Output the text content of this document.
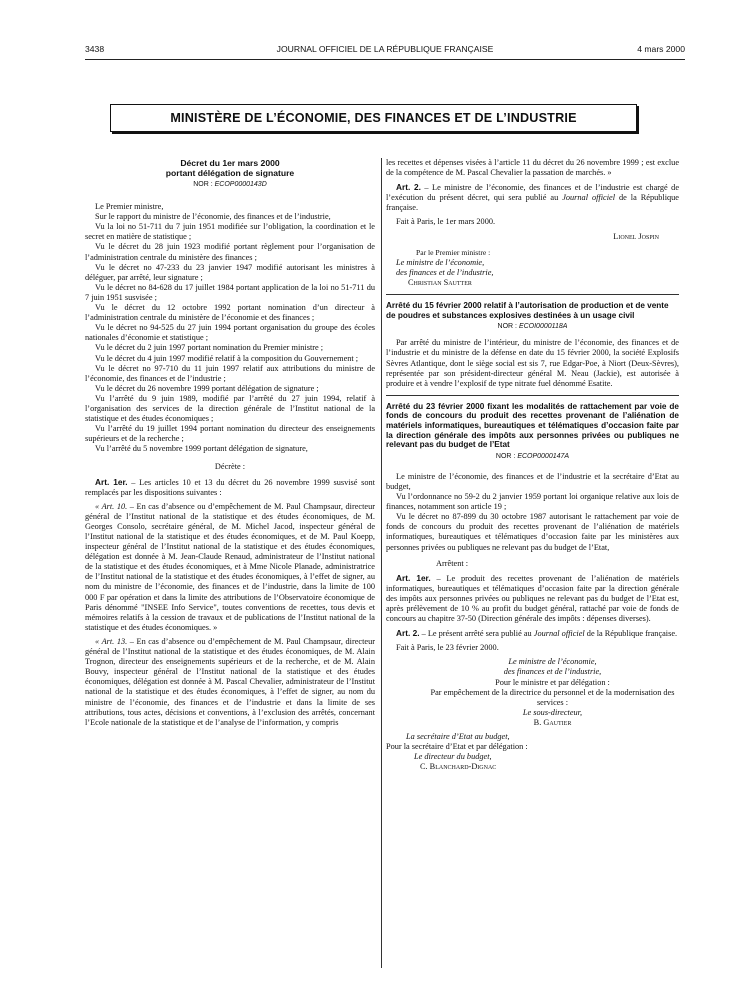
3438	JOURNAL OFFICIEL DE LA RÉPUBLIQUE FRANÇAISE	4 mars 2000
MINISTÈRE DE L’ÉCONOMIE, DES FINANCES ET DE L’INDUSTRIE

Décret du 1er mars 2000
portant délégation de signature

NOR : ECOP0000143D

Le Premier ministre,

Sur le rapport du ministre de l’économie, des finances et de l’industrie,

Vu la loi no 51-711 du 7 juin 1951 modifiée sur l’obligation, la coordination et le secret en matière de statistique ;

Vu le décret du 28 juin 1923 modifié portant règlement pour l’organisation de l’administration centrale du ministère des finances ;

Vu le décret no 47-233 du 23 janvier 1947 modifié autorisant les ministres à déléguer, par arrêté, leur signature ;

Vu le décret no 84-628 du 17 juillet 1984 portant application de la loi no 51-711 du 7 juin 1951 susvisée ;

Vu le décret du 12 octobre 1992 portant nomination d’un directeur à l’administration centrale du ministère de l’économie et des finances ;

Vu le décret no 94-525 du 27 juin 1994 portant organisation du groupe des écoles nationales d’économie et statistique ;

Vu le décret du 2 juin 1997 portant nomination du Premier ministre ;

Vu le décret du 4 juin 1997 modifié relatif à la composition du Gouvernement ;

Vu le décret no 97-710 du 11 juin 1997 relatif aux attributions du ministre de l’économie, des finances et de l’industrie ;

Vu le décret du 26 novembre 1999 portant délégation de signature ;

Vu l’arrêté du 9 juin 1989, modifié par l’arrêté du 27 juin 1994, relatif à l’organisation des services de la direction générale de l’Institut national de la statistique et des études économiques ;

Vu l’arrêté du 19 juillet 1994 portant nomination du directeur des enseignements supérieurs et de la recherche ;

Vu l’arrêté du 5 novembre 1999 portant délégation de signature,

Décrète :

Art. 1er. – Les articles 10 et 13 du décret du 26 novembre 1999 susvisé sont remplacés par les dispositions suivantes :

« Art. 10. – En cas d’absence ou d’empêchement de M. Paul Champsaur, directeur général de l’Institut national de la statistique et des études économiques, de M. Georges Consolo, secrétaire général, de M. Michel Jacod, inspecteur général de l’Institut national de la statistique et des études économiques, et de M. Paul Koepp, inspecteur général de l’Institut national de la statistique et des études économiques, délégation est donnée à M. Jean-Claude Renaud, administrateur de l’Institut national de la statistique et des études économiques, et à Mme Nicole Planade, administratrice de l’Institut national de la statistique et des études économiques, à l’effet de signer, au nom du ministre de l’économie, des finances et de l’industrie, dans la limite de 100 000 F par opération et dans la limite des attributions de l’Observatoire économique de Paris dénommé "INSEE Info Service", toutes conventions de recettes, tous devis et mémoires relatifs à la cession de travaux et de publications de l’Institut national de la statistique et des études économiques. »

« Art. 13. – En cas d’absence ou d’empêchement de M. Paul Champsaur, directeur général de l’Institut national de la statistique et des études économiques, de M. Alain Trognon, directeur des enseignements supérieurs et de la recherche, et de M. Alain Bouvy, inspecteur général de l’Institut national de la statistique et des études économiques, délégation est donnée à M. Pascal Chevalier, administrateur de l’Institut national de la statistique et des études économiques, à l’effet de signer, au nom du ministre de l’économie, des finances et de l’industrie et dans la limite de ses attributions, tous actes, décisions et conventions, à l’exclusion des arrêtés, concernant l’Ecole nationale de la statistique et de l’analyse de l’information, y compris

les recettes et dépenses visées à l’article 11 du décret du 26 novembre 1999 ; est exclue de la compétence de M. Pascal Chevalier la passation de marchés. »

Art. 2. – Le ministre de l’économie, des finances et de l’industrie est chargé de l’exécution du présent décret, qui sera publié au Journal officiel de la République française.

Fait à Paris, le 1er mars 2000.

Lionel Jospin

Par le Premier ministre :

Le ministre de l’économie,
des finances et de l’industrie,

Christian Sautter

Arrêté du 15 février 2000 relatif à l’autorisation de production et de vente de poudres et substances explosives destinées à un usage civil

NOR : ECOI0000118A

Par arrêté du ministre de l’intérieur, du ministre de l’économie, des finances et de l’industrie et du ministre de la défense en date du 15 février 2000, la société Explosifs Sèvres Atlantique, dont le siège social est sis 7, rue Edgar-Poe, à Niort (Deux-Sèvres), représentée par son président-directeur général M. Neau (Jackie), est autorisée à produire et à vendre l’explosif de type nitrate fuel dénommé Esatite.

Arrêté du 23 février 2000 fixant les modalités de rattachement par voie de fonds de concours du produit des recettes provenant de l’aliénation de matériels informatiques, bureautiques et télématiques d’occasion faite par la direction générale des impôts aux personnes privées ou publiques ne relevant pas du budget de l’Etat

NOR : ECOP0000147A

Le ministre de l’économie, des finances et de l’industrie et la secrétaire d’Etat au budget,

Vu l’ordonnance no 59-2 du 2 janvier 1959 portant loi organique relative aux lois de finances, notamment son article 19 ;

Vu le décret no 87-899 du 30 octobre 1987 autorisant le rattachement par voie de fonds de concours du produit des recettes provenant de l’aliénation de matériels informatiques, bureautiques et télématiques d’occasion faite par les ministères aux personnes privées ou publiques ne relevant pas du budget de l’Etat,

Arrêtent :

Art. 1er. – Le produit des recettes provenant de l’aliénation de matériels informatiques, bureautiques et télématiques d’occasion faite par la direction générale des impôts aux personnes privées ou publiques ne relevant pas du budget de l’Etat est, après prélèvement de 10 % au profit du budget général, rattaché par voie de fonds de concours au chapitre 37-50 (Direction générale des impôts : dépenses diverses).

Art. 2. – Le présent arrêté sera publié au Journal officiel de la République française.

Fait à Paris, le 23 février 2000.

Le ministre de l’économie,
des finances et de l’industrie,

Pour le ministre et par délégation :

Par empêchement de la directrice du personnel et de la modernisation des services :

Le sous-directeur,

B. Gautier

La secrétaire d’Etat au budget,

Pour la secrétaire d’Etat et par délégation :

Le directeur du budget,

C. Blanchard-Dignac
